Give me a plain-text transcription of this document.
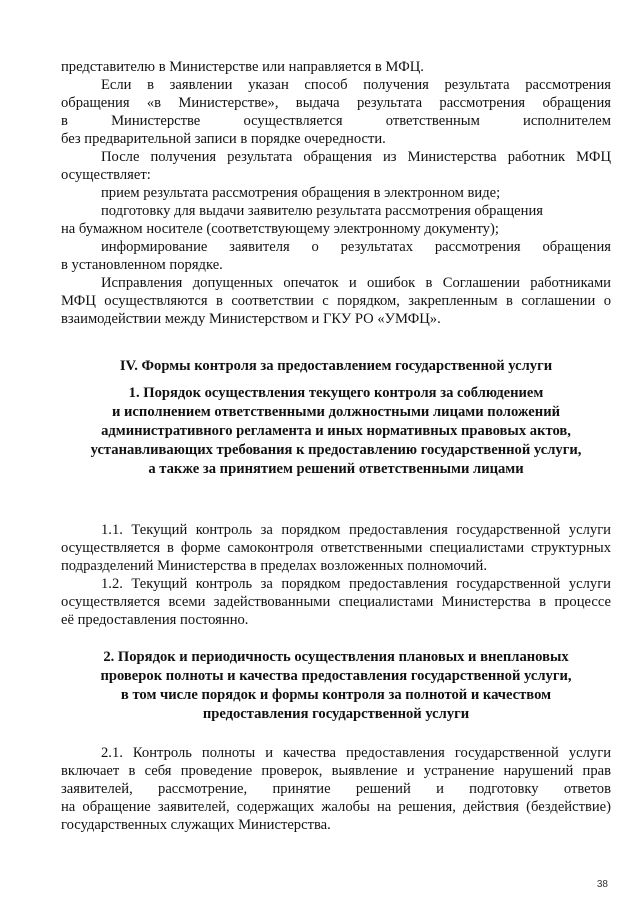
представителю в Министерстве или направляется в МФЦ.
Если в заявлении указан способ получения результата рассмотрения
обращения «в Министерстве», выдача результата рассмотрения обращения
в Министерстве осуществляется ответственным исполнителем
без предварительной записи в порядке очередности.
После получения результата обращения из Министерства работник МФЦ
осуществляет:
прием результата рассмотрения обращения в электронном виде;
подготовку для выдачи заявителю результата рассмотрения обращения
на бумажном носителе (соответствующему электронному документу);
информирование заявителя о результатах рассмотрения обращения
в установленном порядке.
Исправления допущенных опечаток и ошибок в Соглашении работниками
МФЦ осуществляются в соответствии с порядком, закрепленным в соглашении о
взаимодействии между Министерством и ГКУ РО «УМФЦ».
IV. Формы контроля за предоставлением государственной услуги
1. Порядок осуществления текущего контроля за соблюдением
и исполнением ответственными должностными лицами положений
административного регламента и иных нормативных правовых актов,
устанавливающих требования к предоставлению государственной услуги,
а также за принятием решений ответственными лицами
1.1. Текущий контроль за порядком предоставления государственной услуги
осуществляется в форме самоконтроля ответственными специалистами структурных
подразделений Министерства в пределах возложенных полномочий.
1.2. Текущий контроль за порядком предоставления государственной услуги
осуществляется всеми задействованными специалистами Министерства в процессе
её предоставления постоянно.
2. Порядок и периодичность осуществления плановых и внеплановых
проверок полноты и качества предоставления государственной услуги,
в том числе порядок и формы контроля за полнотой и качеством
предоставления государственной услуги
2.1. Контроль полноты и качества предоставления государственной услуги
включает в себя проведение проверок, выявление и устранение нарушений прав
заявителей, рассмотрение, принятие решений и подготовку ответов
на обращение заявителей, содержащих жалобы на решения, действия (бездействие)
государственных служащих Министерства.
38
